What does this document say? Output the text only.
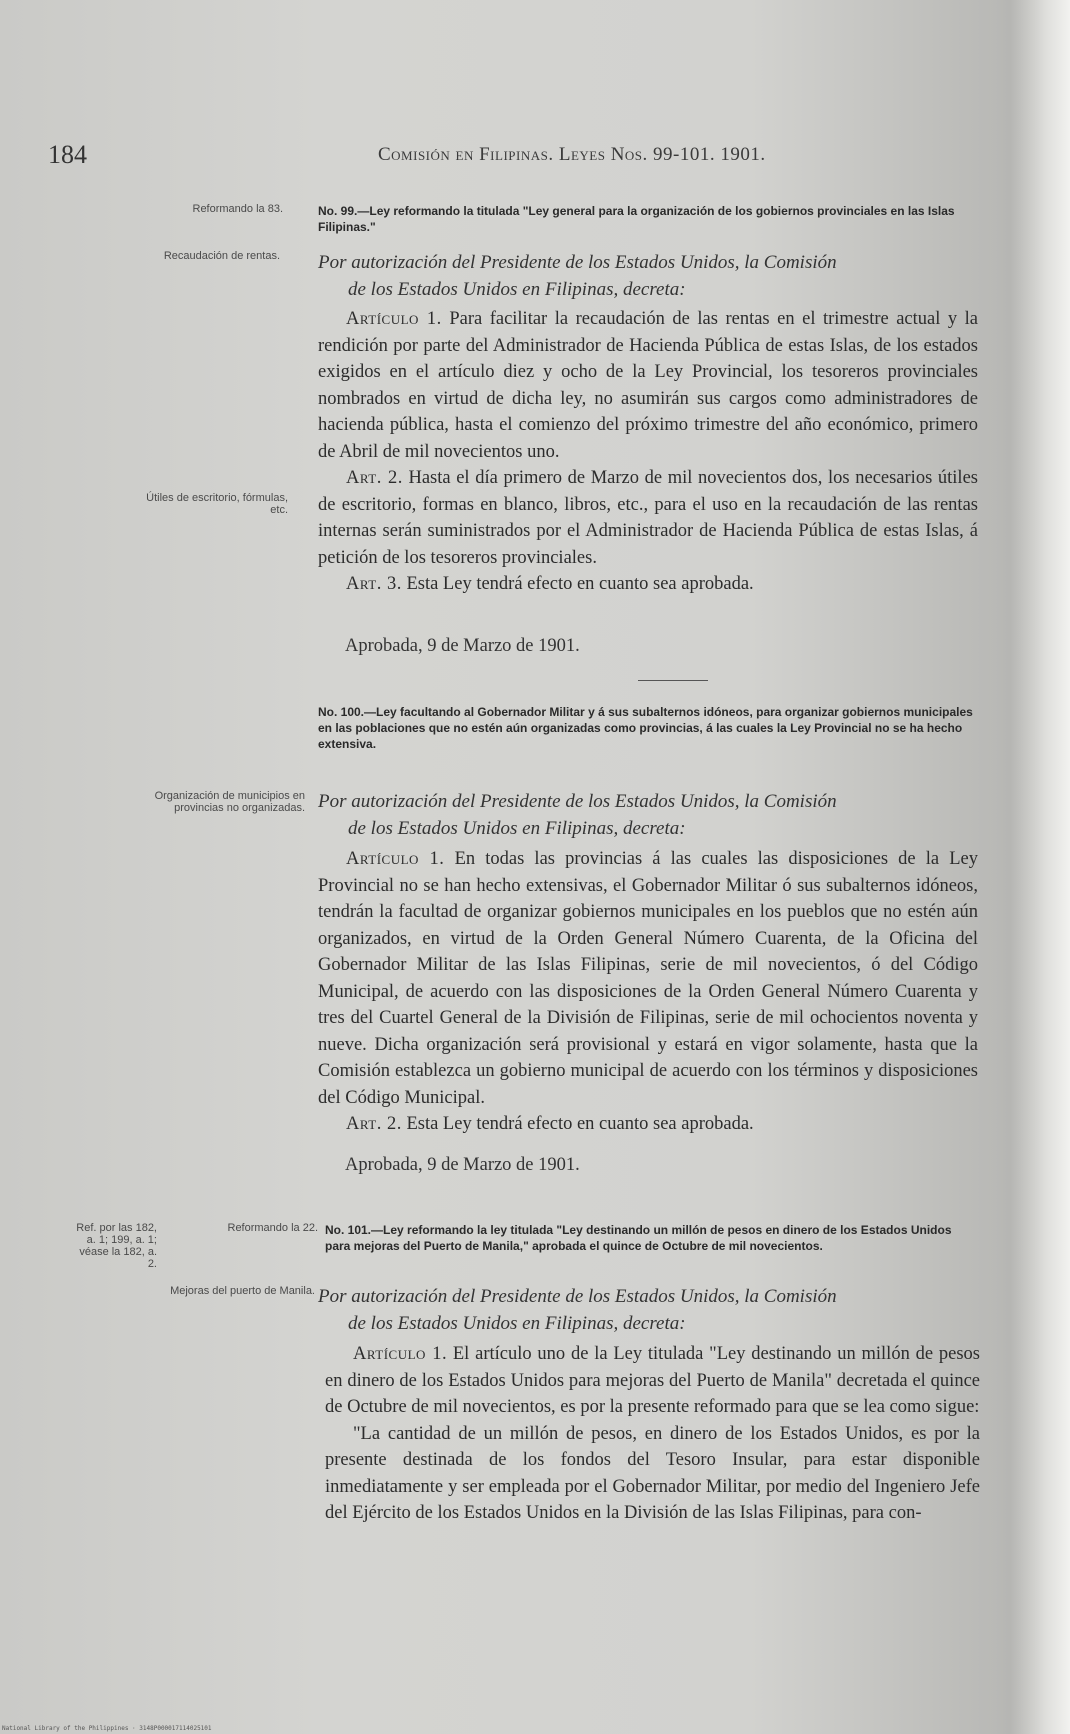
184	Comisión en Filipinas. Leyes Nos. 99-101. 1901.
Reformando la 83.
Recaudación de rentas.
No. 99.—Ley reformando la titulada "Ley general para la organización de los gobiernos provinciales en las Islas Filipinas."
Por autorización del Presidente de los Estados Unidos, la Comisión
de los Estados Unidos en Filipinas, decreta:

Artículo 1. Para facilitar la recaudación de las rentas en el trimestre actual y la rendición por parte del Administrador de Hacienda Pública de estas Islas, de los estados exigidos en el artículo diez y ocho de la Ley Provincial, los tesoreros provinciales nombrados en virtud de dicha ley, no asumirán sus cargos como administradores de hacienda pública, hasta el comienzo del próximo trimestre del año económico, primero de Abril de mil novecientos uno.

Art. 2. Hasta el día primero de Marzo de mil novecientos dos, los necesarios útiles de escritorio, formas en blanco, libros, etc., para el uso en la recaudación de las rentas internas serán suministrados por el Administrador de Hacienda Pública de estas Islas, á petición de los tesoreros provinciales.

Art. 3. Esta Ley tendrá efecto en cuanto sea aprobada.

Útiles de escritorio, fórmulas, etc.
Aprobada, 9 de Marzo de 1901.
No. 100.—Ley facultando al Gobernador Militar y á sus subalternos idóneos, para organizar gobiernos municipales en las poblaciones que no estén aún organizadas como provincias, á las cuales la Ley Provincial no se ha hecho extensiva.
Organización de municipios en provincias no organizadas. Por autorización del Presidente de los Estados Unidos, la Comisión
de los Estados Unidos en Filipinas, decreta:

Artículo 1. En todas las provincias á las cuales las disposiciones de la Ley Provincial no se han hecho extensivas, el Gobernador Militar ó sus subalternos idóneos, tendrán la facultad de organizar gobiernos municipales en los pueblos que no estén aún organizados, en virtud de la Orden General Número Cuarenta, de la Oficina del Gobernador Militar de las Islas Filipinas, serie de mil novecientos, ó del Código Municipal, de acuerdo con las disposiciones de la Orden General Número Cuarenta y tres del Cuartel General de la División de Filipinas, serie de mil ochocientos noventa y nueve. Dicha organización será provisional y estará en vigor solamente, hasta que la Comisión establezca un gobierno municipal de acuerdo con los términos y disposiciones del Código Municipal.

Art. 2. Esta Ley tendrá efecto en cuanto sea aprobada.

Aprobada, 9 de Marzo de 1901.
Ref. por las 182, a. 1; 199, a. 1; véase la 182, a. 2.
Reformando la 22. No. 101.—Ley reformando la ley titulada "Ley destinando un millón de pesos en dinero de los Estados Unidos para mejoras del Puerto de Manila," aprobada el quince de Octubre de mil novecientos.
Mejoras del puerto de Manila. Por autorización del Presidente de los Estados Unidos, la Comisión
de los Estados Unidos en Filipinas, decreta:

Artículo 1. El artículo uno de la Ley titulada "Ley destinando un millón de pesos en dinero de los Estados Unidos para mejoras del Puerto de Manila" decretada el quince de Octubre de mil novecientos, es por la presente reformado para que se lea como sigue:

"La cantidad de un millón de pesos, en dinero de los Estados Unidos, es por la presente destinada de los fondos del Tesoro Insular, para estar disponible inmediatamente y ser empleada por el Gobernador Militar, por medio del Ingeniero Jefe del Ejército de los Estados Unidos en la División de las Islas Filipinas, para con-

National Library of the Philippines · 3148P000017114025101
